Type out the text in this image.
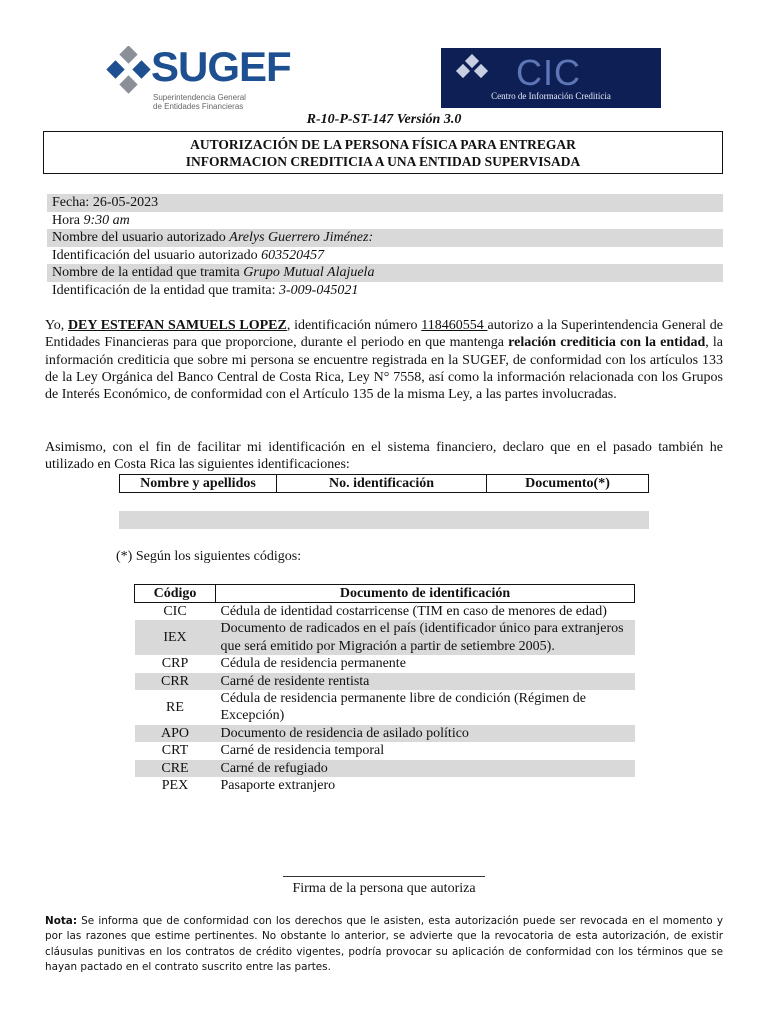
SUGEF
Superintendencia General
de Entidades Financieras
CIC
Centro de Información Crediticia
R-10-P-ST-147 Versión 3.0
AUTORIZACIÓN DE LA PERSONA FÍSICA PARA ENTREGAR
INFORMACION CREDITICIA A UNA ENTIDAD SUPERVISADA
Fecha: 26-05-2023
Hora 9:30 am
Nombre del usuario autorizado Arelys Guerrero Jiménez:
Identificación del usuario autorizado 603520457
Nombre de la entidad que tramita Grupo Mutual Alajuela
Identificación de la entidad que tramita: 3-009-045021
Yo, DEY ESTEFAN SAMUELS LOPEZ, identificación número 118460554 autorizo a la Superintendencia General de Entidades Financieras para que proporcione, durante el periodo en que mantenga relación crediticia con la entidad, la información crediticia que sobre mi persona se encuentre registrada en la SUGEF, de conformidad con los artículos 133 de la Ley Orgánica del Banco Central de Costa Rica, Ley N° 7558, así como la información relacionada con los Grupos de Interés Económico, de conformidad con el Artículo 135 de la misma Ley, a las partes involucradas.
Asimismo, con el fin de facilitar mi identificación en el sistema financiero, declaro que en el pasado también he utilizado en Costa Rica las siguientes identificaciones:
Nombre y apellidos	No. identificación	Documento(*)
(*) Según los siguientes códigos:
Código	Documento de identificación
CIC	Cédula de identidad costarricense (TIM en caso de menores de edad)
IEX	Documento de radicados en el país (identificador único para extranjeros que será emitido por Migración a partir de setiembre 2005).
CRP	Cédula de residencia permanente
CRR	Carné de residente rentista
RE	Cédula de residencia permanente libre de condición (Régimen de Excepción)
APO	Documento de residencia de asilado político
CRT	Carné de residencia temporal
CRE	Carné de refugiado
PEX	Pasaporte extranjero
Firma de la persona que autoriza
Nota: Se informa que de conformidad con los derechos que le asisten, esta autorización puede ser revocada en el momento y por las razones que estime pertinentes. No obstante lo anterior, se advierte que la revocatoria de esta autorización, de existir cláusulas punitivas en los contratos de crédito vigentes, podría provocar su aplicación de conformidad con los términos que se hayan pactado en el contrato suscrito entre las partes.
